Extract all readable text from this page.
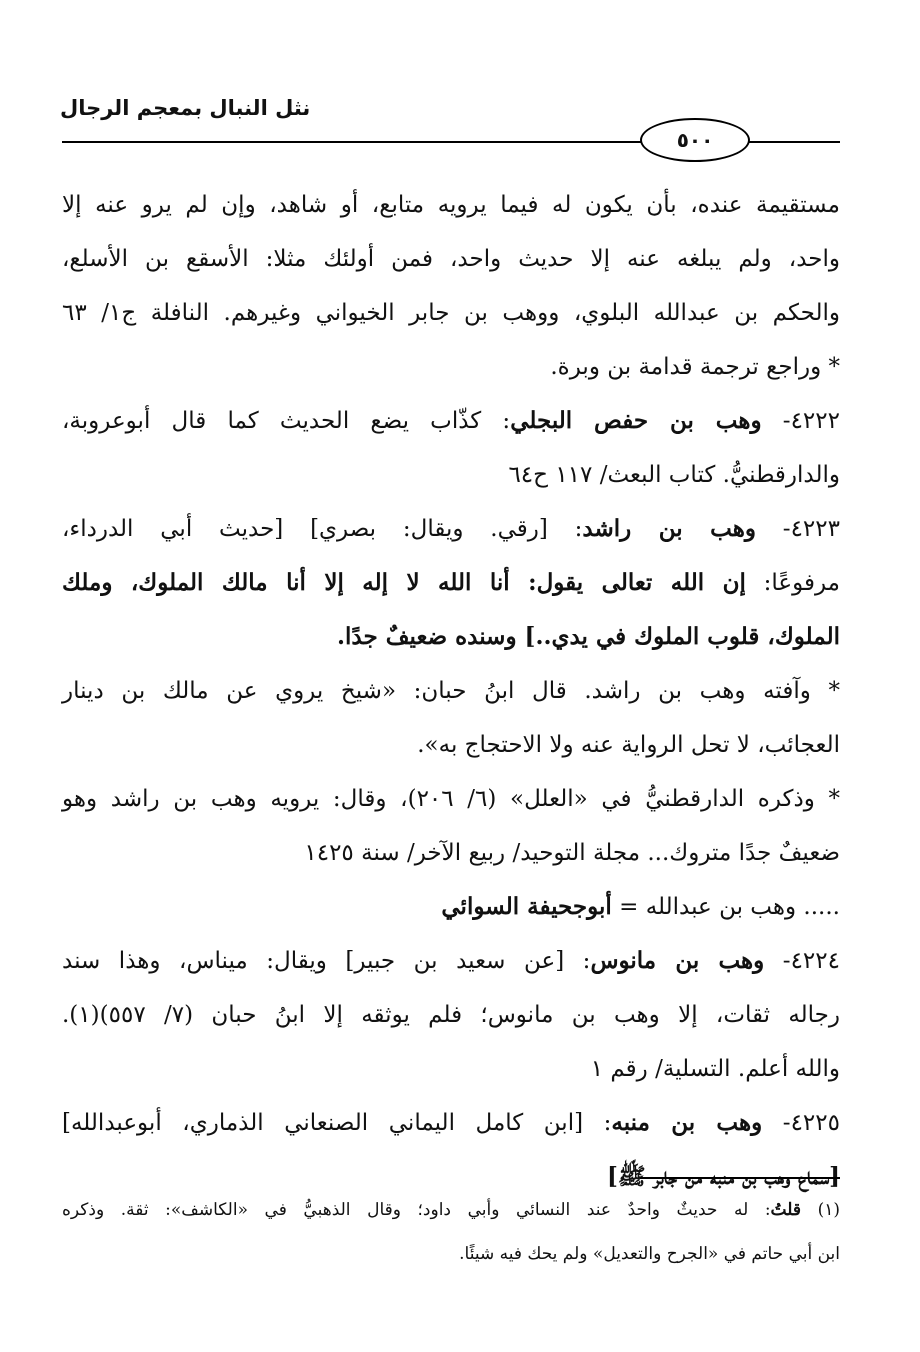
نثل النبال بمعجم الرجال
٥٠٠
مستقيمة عنده، بأن يكون له فيما يرويه متابع، أو شاهد، وإن لم يرو عنه إلا
واحد، ولم يبلغه عنه إلا حديث واحد، فمن أولئك مثلا: الأسقع بن الأسلع،
والحكم بن عبدالله البلوي، ووهب بن جابر الخيواني وغيرهم. النافلة ج١/ ٦٣
* وراجع ترجمة قدامة بن وبرة.
٤٢٢٢- وهب بن حفص البجلي: كذّاب يضع الحديث كما قال أبوعروبة،
والدارقطنيُّ. كتاب البعث/ ١١٧ ح٦٤
٤٢٢٣- وهب بن راشد: [رقي. ويقال: بصري] [حديث أبي الدرداء،
مرفوعًا: إن الله تعالى يقول: أنا الله لا إله إلا أنا مالك الملوك، وملك
الملوك، قلوب الملوك في يدي..] وسنده ضعيفٌ جدًا.
* وآفته وهب بن راشد. قال ابنُ حبان: «شيخ يروي عن مالك بن دينار
العجائب، لا تحل الرواية عنه ولا الاحتجاج به».
* وذكره الدارقطنيُّ في «العلل» (٦/ ٢٠٦)، وقال: يرويه وهب بن راشد وهو
ضعيفٌ جدًا متروك... مجلة التوحيد/ ربيع الآخر/ سنة ١٤٢٥
..... وهب بن عبدالله = أبوجحيفة السوائي
٤٢٢٤- وهب بن مانوس: [عن سعيد بن جبير] ويقال: ميناس، وهذا سند
رجاله ثقات، إلا وهب بن مانوس؛ فلم يوثقه إلا ابنُ حبان (٧/ ٥٥٧)(١).
والله أعلم. التسلية/ رقم ١
٤٢٢٥- وهب بن منبه: [ابن كامل اليماني الصنعاني الذماري، أبوعبدالله]
[سماع وهب بن منبه من جابر ﷺ]
(١) قلتُ: له حديثٌ واحدٌ عند النسائي وأبي داود؛ وقال الذهبيُّ في «الكاشف»: ثقة. وذكره
ابن أبي حاتم في «الجرح والتعديل» ولم يحك فيه شيئًا.
